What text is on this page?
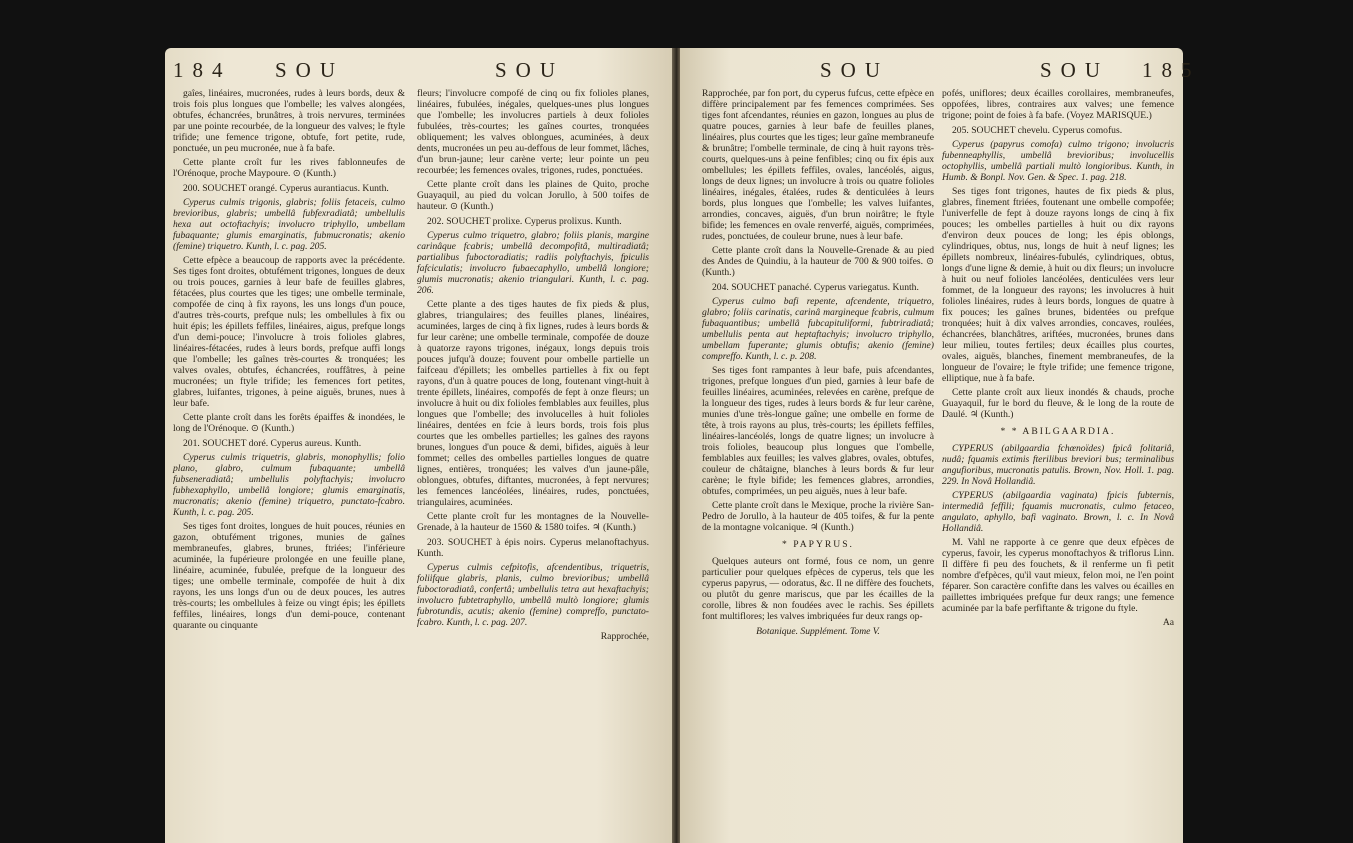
184 SOU	SOU

gaîes, linéaires, mucronées, rudes à leurs bords, deux & trois fois plus longues que l'ombelle; les valves alongées, obtufes, échancrées, brunâtres, à trois nervures, terminées par une pointe recourbée, de la longueur des valves; le ftyle trifide; une femence trigone, obtufe, fort petite, rude, ponctuée, un peu mucronée, nue à fa bafe.

Cette plante croît fur les rives fablonneufes de l'Orénoque, proche Maypoure. ⊙ (Kunth.)

200. SOUCHET orangé. Cyperus aurantiacus. Kunth.

Cyperus culmis trigonis, glabris; foliis fetaceis, culmo brevioribus, glabris; umbellâ fubfexradiatâ; umbellulis hexa aut octoftachyis; involucro triphyllo, umbellam fubaquante; glumis emarginatis, fubmucronatis; akenio (femine) triquetro. Kunth, l. c. pag. 205.

Cette efpèce a beaucoup de rapports avec la précédente. Ses tiges font droites, obtufément trigones, longues de deux ou trois pouces, garnies à leur bafe de feuilles glabres, fétacées, plus courtes que les tiges; une ombelle terminale, compofée de cinq à fix rayons, les uns longs d'un pouce, d'autres très-courts, prefque nuls; les ombellules à fix ou huit épis; les épillets feffiles, linéaires, aigus, prefque longs d'un demi-pouce; l'involucre à trois folioles glabres, linéaires-fétacées, rudes à leurs bords, prefque auffi longs que l'ombelle; les gaînes très-courtes & tronquées; les valves ovales, obtufes, échancrées, rouffâtres, à peine mucronées; un ftyle trifide; les femences fort petites, glabres, luifantes, trigones, à peine aiguës, brunes, nues à leur bafe.

Cette plante croît dans les forêts épaiffes & inondées, le long de l'Orénoque. ⊙ (Kunth.)

201. SOUCHET doré. Cyperus aureus. Kunth.

Cyperus culmis triquetris, glabris, monophyllis; folio plano, glabro, culmum fubaquante; umbellâ fubseneradiatâ; umbellulis polyftachyis; involucro fubhexaphyllo, umbellâ longiore; glumis emarginatis, mucronatis; akenio (femine) triquetro, punctato-fcabro. Kunth, l. c. pag. 205.

Ses tiges font droites, longues de huit pouces, réunies en gazon, obtufément trigones, munies de gaînes membraneufes, glabres, brunes, ftriées; l'inférieure acuminée, la fupérieure prolongée en une feuille plane, linéaire, acuminée, fubulée, prefque de la longueur des tiges; une ombelle terminale, compofée de huit à dix rayons, les uns longs d'un ou de deux pouces, les autres très-courts; les ombellules à feize ou vingt épis; les épillets feffiles, linéaires, longs d'un demi-pouce, contenant quarante ou cinquante

fleurs; l'involucre compofé de cinq ou fix folioles planes, linéaires, fubulées, inégales, quelques-unes plus longues que l'ombelle; les involucres partiels à deux folioles fubulées, très-courtes; les gaînes courtes, tronquées obliquement; les valves oblongues, acuminées, à deux dents, mucronées un peu au-deffous de leur fommet, lâches, d'un brun-jaune; leur carène verte; leur pointe un peu recourbée; les femences ovales, trigones, rudes, ponctuées.

Cette plante croît dans les plaines de Quito, proche Guayaquil, au pied du volcan Jorullo, à 500 toifes de hauteur. ⊙ (Kunth.)

202. SOUCHET prolixe. Cyperus prolixus. Kunth.

Cyperus culmo triquetro, glabro; foliis planis, margine carinâque fcabris; umbellâ decompofitâ, multiradiatâ; partialibus fuboctoradiatis; radiis polyftachyis, fpiculis fafciculatis; involucro fubaecaphyllo, umbellâ longiore; glumis mucronatis; akenio triangulari. Kunth, l. c. pag. 206.

Cette plante a des tiges hautes de fix pieds & plus, glabres, triangulaires; des feuilles planes, linéaires, acuminées, larges de cinq à fix lignes, rudes à leurs bords & fur leur carène; une ombelle terminale, compofée de douze à quatorze rayons trigones, inégaux, longs depuis trois pouces jufqu'à douze; fouvent pour ombelle partielle un faifceau d'épillets; les ombelles partielles à fix ou fept rayons, d'un à quatre pouces de long, foutenant vingt-huit à trente épillets, linéaires, compofés de fept à onze fleurs; un involucre à huit ou dix folioles femblables aux feuilles, plus longues que l'ombelle; des involucelles à huit folioles linéaires, dentées en fcie à leurs bords, trois fois plus courtes que les ombelles partielles; les gaînes des rayons brunes, longues d'un pouce & demi, bifides, aiguës à leur fommet; celles des ombelles partielles longues de quatre lignes, entières, tronquées; les valves d'un jaune-pâle, oblongues, obtufes, diftantes, mucronées, à fept nervures; les femences lancéolées, linéaires, rudes, ponctuées, triangulaires, acuminées.

Cette plante croît fur les montagnes de la Nouvelle-Grenade, à la hauteur de 1560 & 1580 toifes. ♃ (Kunth.)

203. SOUCHET à épis noirs. Cyperus melanoftachyus. Kunth.

Cyperus culmis cefpitofis, afcendentibus, triquetris, foliifque glabris, planis, culmo brevioribus; umbellâ fuboctoradiatâ, confertâ; umbellulis tetra aut hexaftachyis; involucro fubtetraphyllo, umbellâ multò longiore; glumis fubrotundis, acutis; akenio (femine) compreffo, punctato-fcabro. Kunth, l. c. pag. 207.

Rapprochée,

SOU	SOU 185

Rapprochée, par fon port, du cyperus fufcus, cette efpèce en diffère principalement par fes femences comprimées. Ses tiges font afcendantes, réunies en gazon, longues au plus de quatre pouces, garnies à leur bafe de feuilles planes, linéaires, plus courtes que les tiges; leur gaîne membraneufe & brunâtre; l'ombelle terminale, de cinq à huit rayons très-courts, quelques-uns à peine fenfibles; cinq ou fix épis aux ombellules; les épillets feffiles, ovales, lancéolés, aigus, longs de deux lignes; un involucre à trois ou quatre folioles linéaires, inégales, étalées, rudes & denticulées à leurs bords, plus longues que l'ombelle; les valves luifantes, arrondies, concaves, aiguës, d'un brun noirâtre; le ftyle bifide; les femences en ovale renverfé, aiguës, comprimées, rudes, ponctuées, de couleur brune, nues à leur bafe.

Cette plante croît dans la Nouvelle-Grenade & au pied des Andes de Quindiu, à la hauteur de 700 & 900 toifes. ⊙ (Kunth.)

204. SOUCHET panaché. Cyperus variegatus. Kunth.

Cyperus culmo bafi repente, afcendente, triquetro, glabro; foliis carinatis, carinâ margineque fcabris, culmum fubaquantibus; umbellâ fubcapituliformi, fubtriradiatâ; umbellulis penta aut heptaftachyis; involucro triphyllo, umbellam fuperante; glumis obtufis; akenio (femine) compreffo. Kunth, l. c. p. 208.

Ses tiges font rampantes à leur bafe, puis afcendantes, trigones, prefque longues d'un pied, garnies à leur bafe de feuilles linéaires, acuminées, relevées en carène, prefque de la longueur des tiges, rudes à leurs bords & fur leur carène, munies d'une très-longue gaîne; une ombelle en forme de tête, à trois rayons au plus, très-courts; les épillets feffiles, linéaires-lancéolés, longs de quatre lignes; un involucre à trois folioles, beaucoup plus longues que l'ombelle, femblables aux feuilles; les valves glabres, ovales, obtufes, couleur de châtaigne, blanches à leurs bords & fur leur carène; le ftyle bifide; les femences glabres, arrondies, obtufes, comprimées, un peu aiguës, nues à leur bafe.

Cette plante croît dans le Mexique, proche la rivière San-Pedro de Jorullo, à la hauteur de 405 toifes, & fur la pente de la montagne volcanique. ♃ (Kunth.)

* PAPYRUS.

Quelques auteurs ont formé, fous ce nom, un genre particulier pour quelques efpèces de cyperus, tels que les cyperus papyrus, — odoratus, &c. Il ne diffère des fouchets, ou plutôt du genre mariscus, que par les écailles de la corolle, libres & non foudées avec le rachis. Ses épillets font multiflores; les valves imbriquées fur deux rangs op-

Botanique. Supplément. Tome V.

pofés, uniflores; deux écailles corollaires, membraneufes, oppofées, libres, contraires aux valves; une femence trigone; point de foies à fa bafe. (Voyez MARISQUE.)

205. SOUCHET chevelu. Cyperus comofus.

Cyperus (papyrus comofa) culmo trigono; involucris fubenneaphyllis, umbellâ brevioribus; involucellis octophyllis, umbellâ partiali multò longioribus. Kunth, in Humb. & Bonpl. Nov. Gen. & Spec. 1. pag. 218.

Ses tiges font trigones, hautes de fix pieds & plus, glabres, finement ftriées, foutenant une ombelle compofée; l'univerfelle de fept à douze rayons longs de cinq à fix pouces; les ombelles partielles à huit ou dix rayons d'environ deux pouces de long; les épis oblongs, cylindriques, obtus, nus, longs de huit à neuf lignes; les épillets nombreux, linéaires-fubulés, cylindriques, obtus, longs d'une ligne & demie, à huit ou dix fleurs; un involucre à huit ou neuf folioles lancéolées, denticulées vers leur fommet, de la longueur des rayons; les involucres à huit folioles linéaires, rudes à leurs bords, longues de quatre à fix pouces; les gaînes brunes, bidentées ou prefque tronquées; huit à dix valves arrondies, concaves, roulées, échancrées, blanchâtres, ariftées, mucronées, brunes dans leur milieu, toutes fertiles; deux écailles plus courtes, ovales, aiguës, blanches, finement membraneufes, de la longueur de l'ovaire; le ftyle trifide; une femence trigone, elliptique, nue à fa bafe.

Cette plante croît aux lieux inondés & chauds, proche Guayaquil, fur le bord du fleuve, & le long de la route de Daulé. ♃ (Kunth.)

* * ABILGAARDIA.

CYPERUS (abilgaardia fchœnoïdes) fpicâ folitariâ, nudâ; fquamis extimis fterilibus breviori bus; terminalibus angufioribus, mucronatis patulis. Brown, Nov. Holl. 1. pag. 229. In Novâ Hollandiâ.

CYPERUS (abilgaardia vaginata) fpicis fubternis, intermediâ feffili; fquamis mucronatis, culmo fetaceo, angulato, aphyllo, bafi vaginato. Brown, l. c. In Novâ Hollandiâ.

M. Vahl ne rapporte à ce genre que deux efpèces de cyperus, favoir, les cyperus monoftachyos & triflorus Linn. Il diffère fi peu des fouchets, & il renferme un fi petit nombre d'efpèces, qu'il vaut mieux, felon moi, ne l'en point féparer. Son caractère confifte dans les valves ou écailles en paillettes imbriquées prefque fur deux rangs; une femence acuminée par la bafe perfiftante & trigone du ftyle.

Aa
